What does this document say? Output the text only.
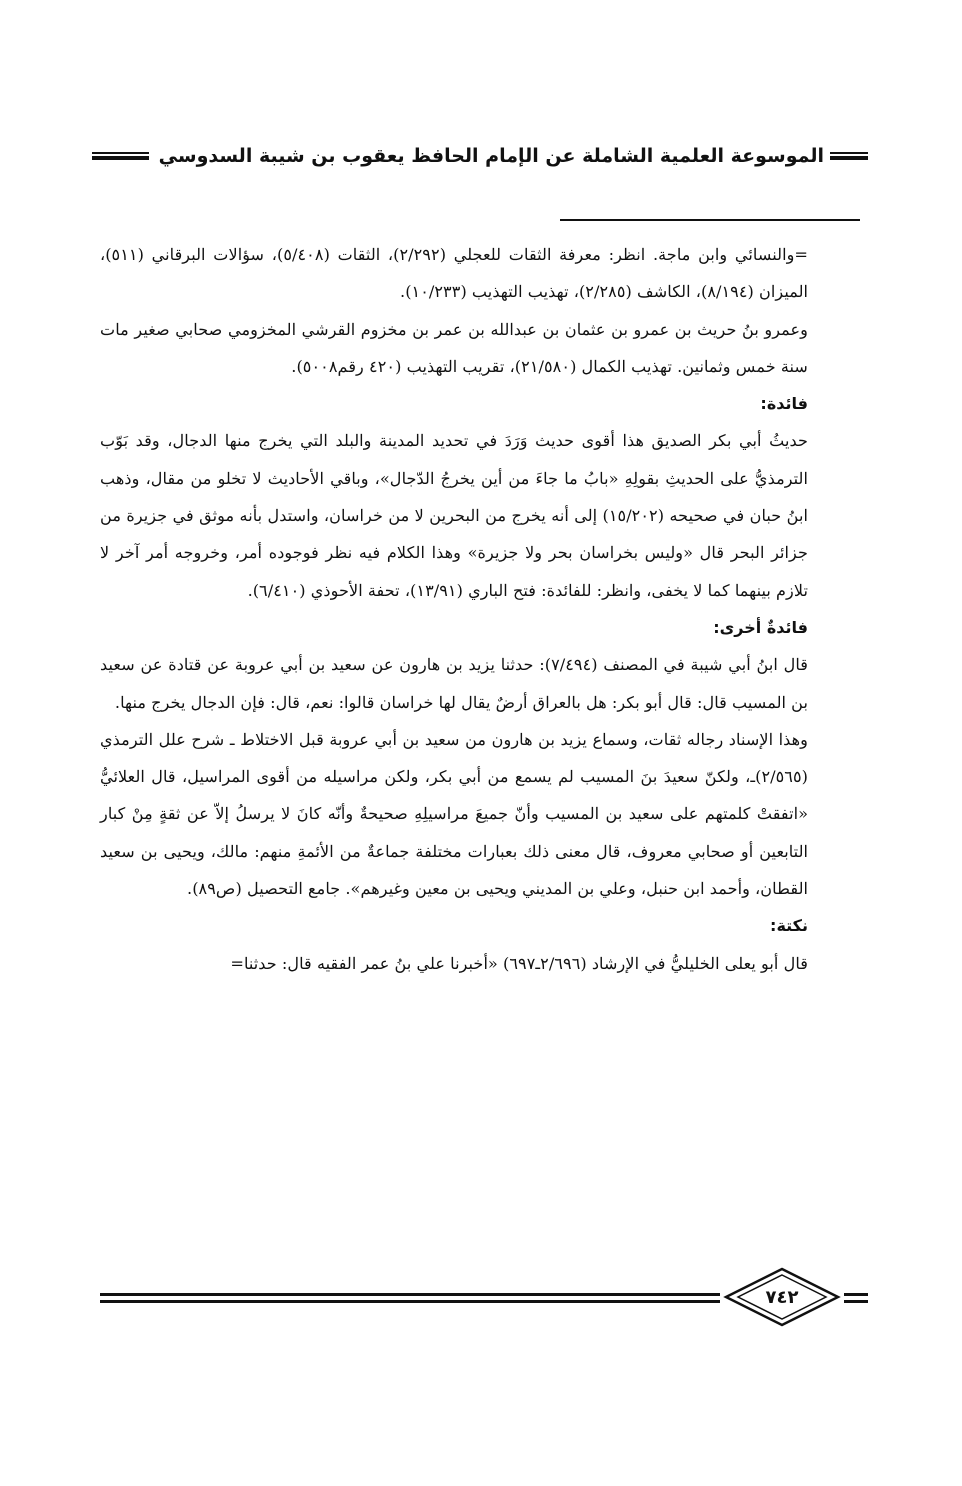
الموسوعة العلمية الشاملة عن الإمام الحافظ يعقوب بن شيبة السدوسي

=والنسائي وابن ماجة. انظر: معرفة الثقات للعجلي (٢/٢٩٢)، الثقات (٥/٤٠٨)، سؤالات البرقاني (٥١١)، الميزان (٨/١٩٤)، الكاشف (٢/٢٨٥)، تهذيب التهذيب (١٠/٢٣٣).

وعمرو بنُ حريث بن عمرو بن عثمان بن عبدالله بن عمر بن مخزوم القرشي المخزومي صحابي صغير مات سنة خمس وثمانين. تهذيب الكمال (٢١/٥٨٠)، تقريب التهذيب (٤٢٠ رقم٥٠٠٨).

فائدة:

حديثُ أبي بكر الصديق هذا أقوى حديث وَرَدَ في تحديد المدينة والبلد التي يخرج منها الدجال، وقد بَوّب الترمذيُّ على الحديثِ بقولِهِ «بابُ ما جاءَ من أين يخرجُ الدّجال»، وباقي الأحاديث لا تخلو من مقال، وذهب ابنُ حبان في صحيحه (١٥/٢٠٢) إلى أنه يخرج من البحرين لا من خراسان، واستدل بأنه موثق في جزيرة من جزائر البحر قال «وليس بخراسان بحر ولا جزيرة» وهذا الكلام فيه نظر فوجوده أمر، وخروجه أمر آخر لا تلازم بينهما كما لا يخفى، وانظر: للفائدة: فتح الباري (١٣/٩١)، تحفة الأحوذي (٦/٤١٠).

فائدةٌ أخرى:

قال ابنُ أبي شيبة في المصنف (٧/٤٩٤): حدثنا يزيد بن هارون عن سعيد بن أبي عروبة عن قتادة عن سعيد بن المسيب قال: قال أبو بكر: هل بالعراق أرضٌ يقال لها خراسان قالوا: نعم، قال: فإن الدجال يخرج منها.

وهذا الإسناد رجاله ثقات، وسماع يزيد بن هارون من سعيد بن أبي عروبة قبل الاختلاط ـ شرح علل الترمذي (٢/٥٦٥)ـ، ولكنّ سعيدَ بنَ المسيب لم يسمع من أبي بكر، ولكن مراسيله من أقوى المراسيل، قال العلائيُّ «اتفقتْ كلمتهم على سعيد بن المسيب وأنّ جميعَ مراسيلِهِ صحيحةٌ وأنّه كانَ لا يرسلُ إلاّ عن ثقةٍ مِنْ كبار التابعين أو صحابي معروف، قال معنى ذلك بعبارات مختلفة جماعةٌ من الأئمةِ منهم: مالك، ويحيى بن سعيد القطان، وأحمد ابن حنبل، وعلي بن المديني ويحيى بن معين وغيرهم». جامع التحصيل (ص٨٩).

نكتة:

قال أبو يعلى الخليليُّ في الإرشاد (٢/٦٩٦ـ٦٩٧) «أخبرنا علي بنُ عمر الفقيه قال: حدثنا=

٧٤٢
